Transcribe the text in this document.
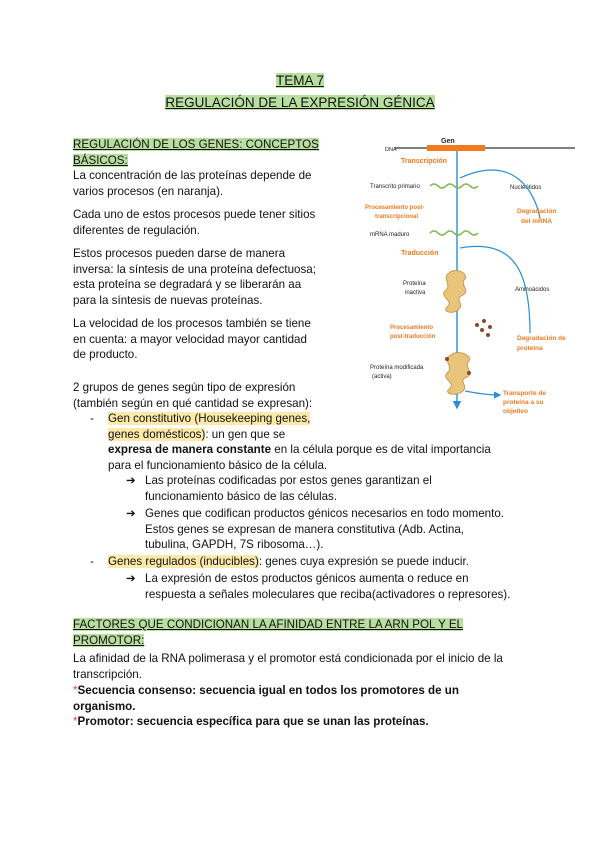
TEMA 7
REGULACIÓN DE LA EXPRESIÓN GÉNICA
REGULACIÓN DE LOS GENES: CONCEPTOS
BÁSICOS:
La concentración de las proteínas depende de
varios procesos (en naranja).
Cada uno de estos procesos puede tener sitios
diferentes de regulación.
Estos procesos pueden darse de manera
inversa: la síntesis de una proteína defectuosa;
esta proteína se degradará y se liberarán aa
para la síntesis de nuevas proteínas.
La velocidad de los procesos también se tiene
en cuenta: a mayor velocidad mayor cantidad
de producto.
2 grupos de genes según tipo de expresión
(también según en qué cantidad se expresan):
- Gen constitutivo (Housekeeping genes,
genes domésticos): un gen que se
expresa de manera constante en la célula porque es de vital importancia
para el funcionamiento básico de la célula.
➔ Las proteínas codificadas por estos genes garantizan el
funcionamiento básico de las células.
➔ Genes que codifican productos génicos necesarios en todo momento.
Estos genes se expresan de manera constitutiva (Adb. Actina,
tubulina, GAPDH, 7S ribosoma…).
- Genes regulados (inducibles): genes cuya expresión se puede inducir.
➔ La expresión de estos productos génicos aumenta o reduce en
respuesta a señales moleculares que reciba(activadores o represores).
FACTORES QUE CONDICIONAN LA AFINIDAD ENTRE LA ARN POL Y EL
PROMOTOR:
La afinidad de la RNA polimerasa y el promotor está condicionada por el inicio de la
transcripción.
*Secuencia consenso: secuencia igual en todos los promotores de un
organismo.
*Promotor: secuencia específica para que se unan las proteínas.
Gen
DNA
Transcripción
Transcrito primario	Nucleótidos
Procesamiento post-
transcripcional
Degradación
del mRNA
mRNA maduro
Traducción
Proteína
inactiva	Aminoácidos
Procesamiento
post-traducción	Degradación de
proteína
Proteína modificada
(activa)
Transporte de
proteína a su
objetivo
